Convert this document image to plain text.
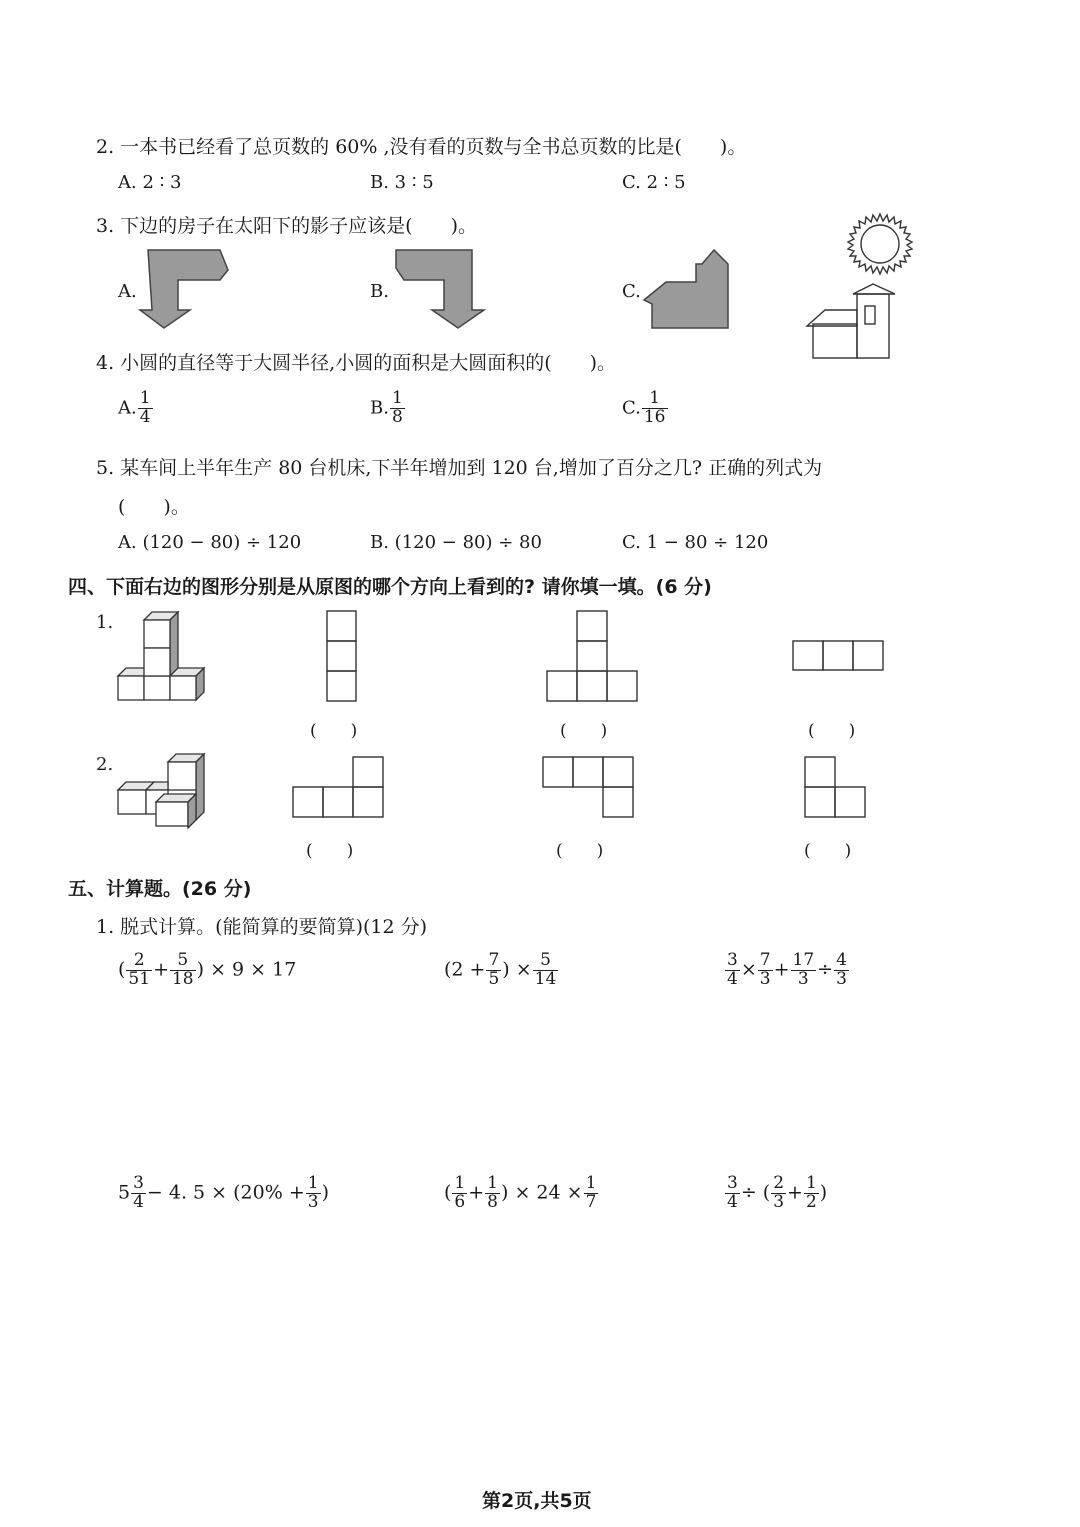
2. 一本书已经看了总页数的 60% ,没有看的页数与全书总页数的比是(　　)。
A. 2 ∶ 3	B. 3 ∶ 5	C. 2 ∶ 5
3. 下边的房子在太阳下的影子应该是(　　)。
A.	B.	C.
4. 小圆的直径等于大圆半径,小圆的面积是大圆面积的(　　)。
A. $\frac{1}{4}$	B. $\frac{1}{8}$	C. $\frac{1}{16}$
5. 某车间上半年生产 80 台机床,下半年增加到 120 台,增加了百分之几? 正确的列式为
(　　)。
A. (120 − 80) ÷ 120	B. (120 − 80) ÷ 80	C. 1 − 80 ÷ 120
四、下面右边的图形分别是从原图的哪个方向上看到的? 请你填一填。(6 分)
1.
2.
(　　)	(　　)	(　　)
(　　)	(　　)	(　　)
五、计算题。(26 分)
1. 脱式计算。(能简算的要简算)(12 分)
( $\frac{2}{51} + \frac{5}{18}$ ) × 9 × 17	($2 + \frac{7}{5}$ ) × $\frac{5}{14}$	$\frac{3}{4} \times \frac{7}{3} + \frac{17}{3} \div \frac{4}{3}$
$5 \frac{3}{4} - 4$. $5 \times (20\% + \frac{1}{3}$ )	( $\frac{1}{6} + \frac{1}{8}$ ) × $24 \times \frac{1}{7}$	$\frac{3}{4}$ ÷ ( $\frac{2}{3} + \frac{1}{2}$ )
第2页,共5页
